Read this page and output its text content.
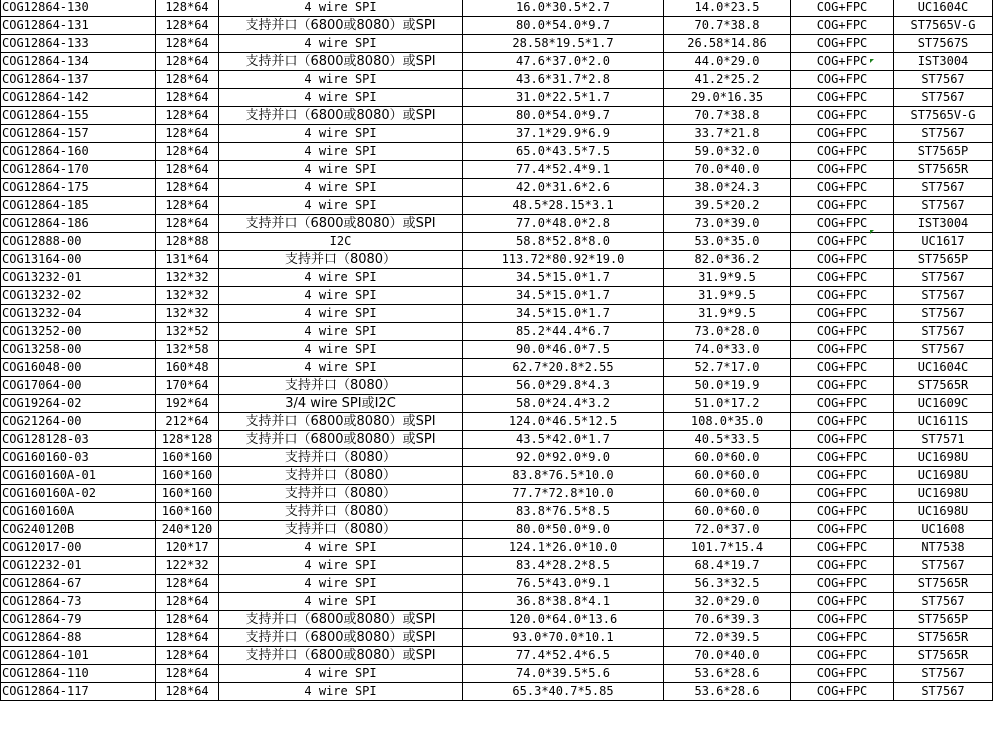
COG12864-130	128*64	4 wire SPI	16.0*30.5*2.7	14.0*23.5	COG+FPC	UC1604C
COG12864-131	128*64	支持并口（6800或8080）或SPI	80.0*54.0*9.7	70.7*38.8	COG+FPC	ST7565V-G
COG12864-133	128*64	4 wire SPI	28.58*19.5*1.7	26.58*14.86	COG+FPC	ST7567S
COG12864-134	128*64	支持并口（6800或8080）或SPI	47.6*37.0*2.0	44.0*29.0	COG+FPC	IST3004
COG12864-137	128*64	4 wire SPI	43.6*31.7*2.8	41.2*25.2	COG+FPC	ST7567
COG12864-142	128*64	4 wire SPI	31.0*22.5*1.7	29.0*16.35	COG+FPC	ST7567
COG12864-155	128*64	支持并口（6800或8080）或SPI	80.0*54.0*9.7	70.7*38.8	COG+FPC	ST7565V-G
COG12864-157	128*64	4 wire SPI	37.1*29.9*6.9	33.7*21.8	COG+FPC	ST7567
COG12864-160	128*64	4 wire SPI	65.0*43.5*7.5	59.0*32.0	COG+FPC	ST7565P
COG12864-170	128*64	4 wire SPI	77.4*52.4*9.1	70.0*40.0	COG+FPC	ST7565R
COG12864-175	128*64	4 wire SPI	42.0*31.6*2.6	38.0*24.3	COG+FPC	ST7567
COG12864-185	128*64	4 wire SPI	48.5*28.15*3.1	39.5*20.2	COG+FPC	ST7567
COG12864-186	128*64	支持并口（6800或8080）或SPI	77.0*48.0*2.8	73.0*39.0	COG+FPC	IST3004
COG12888-00	128*88	I2C	58.8*52.8*8.0	53.0*35.0	COG+FPC	UC1617
COG13164-00	131*64	支持并口（8080）	113.72*80.92*19.0	82.0*36.2	COG+FPC	ST7565P
COG13232-01	132*32	4 wire SPI	34.5*15.0*1.7	31.9*9.5	COG+FPC	ST7567
COG13232-02	132*32	4 wire SPI	34.5*15.0*1.7	31.9*9.5	COG+FPC	ST7567
COG13232-04	132*32	4 wire SPI	34.5*15.0*1.7	31.9*9.5	COG+FPC	ST7567
COG13252-00	132*52	4 wire SPI	85.2*44.4*6.7	73.0*28.0	COG+FPC	ST7567
COG13258-00	132*58	4 wire SPI	90.0*46.0*7.5	74.0*33.0	COG+FPC	ST7567
COG16048-00	160*48	4 wire SPI	62.7*20.8*2.55	52.7*17.0	COG+FPC	UC1604C
COG17064-00	170*64	支持并口（8080）	56.0*29.8*4.3	50.0*19.9	COG+FPC	ST7565R
COG19264-02	192*64	3/4 wire SPI或I2C	58.0*24.4*3.2	51.0*17.2	COG+FPC	UC1609C
COG21264-00	212*64	支持并口（6800或8080）或SPI	124.0*46.5*12.5	108.0*35.0	COG+FPC	UC1611S
COG128128-03	128*128	支持并口（6800或8080）或SPI	43.5*42.0*1.7	40.5*33.5	COG+FPC	ST7571
COG160160-03	160*160	支持并口（8080）	92.0*92.0*9.0	60.0*60.0	COG+FPC	UC1698U
COG160160A-01	160*160	支持并口（8080）	83.8*76.5*10.0	60.0*60.0	COG+FPC	UC1698U
COG160160A-02	160*160	支持并口（8080）	77.7*72.8*10.0	60.0*60.0	COG+FPC	UC1698U
COG160160A	160*160	支持并口（8080）	83.8*76.5*8.5	60.0*60.0	COG+FPC	UC1698U
COG240120B	240*120	支持并口（8080）	80.0*50.0*9.0	72.0*37.0	COG+FPC	UC1608
COG12017-00	120*17	4 wire SPI	124.1*26.0*10.0	101.7*15.4	COG+FPC	NT7538
COG12232-01	122*32	4 wire SPI	83.4*28.2*8.5	68.4*19.7	COG+FPC	ST7567
COG12864-67	128*64	4 wire SPI	76.5*43.0*9.1	56.3*32.5	COG+FPC	ST7565R
COG12864-73	128*64	4 wire SPI	36.8*38.8*4.1	32.0*29.0	COG+FPC	ST7567
COG12864-79	128*64	支持并口（6800或8080）或SPI	120.0*64.0*13.6	70.6*39.3	COG+FPC	ST7565P
COG12864-88	128*64	支持并口（6800或8080）或SPI	93.0*70.0*10.1	72.0*39.5	COG+FPC	ST7565R
COG12864-101	128*64	支持并口（6800或8080）或SPI	77.4*52.4*6.5	70.0*40.0	COG+FPC	ST7565R
COG12864-110	128*64	4 wire SPI	74.0*39.5*5.6	53.6*28.6	COG+FPC	ST7567
COG12864-117	128*64	4 wire SPI	65.3*40.7*5.85	53.6*28.6	COG+FPC	ST7567
